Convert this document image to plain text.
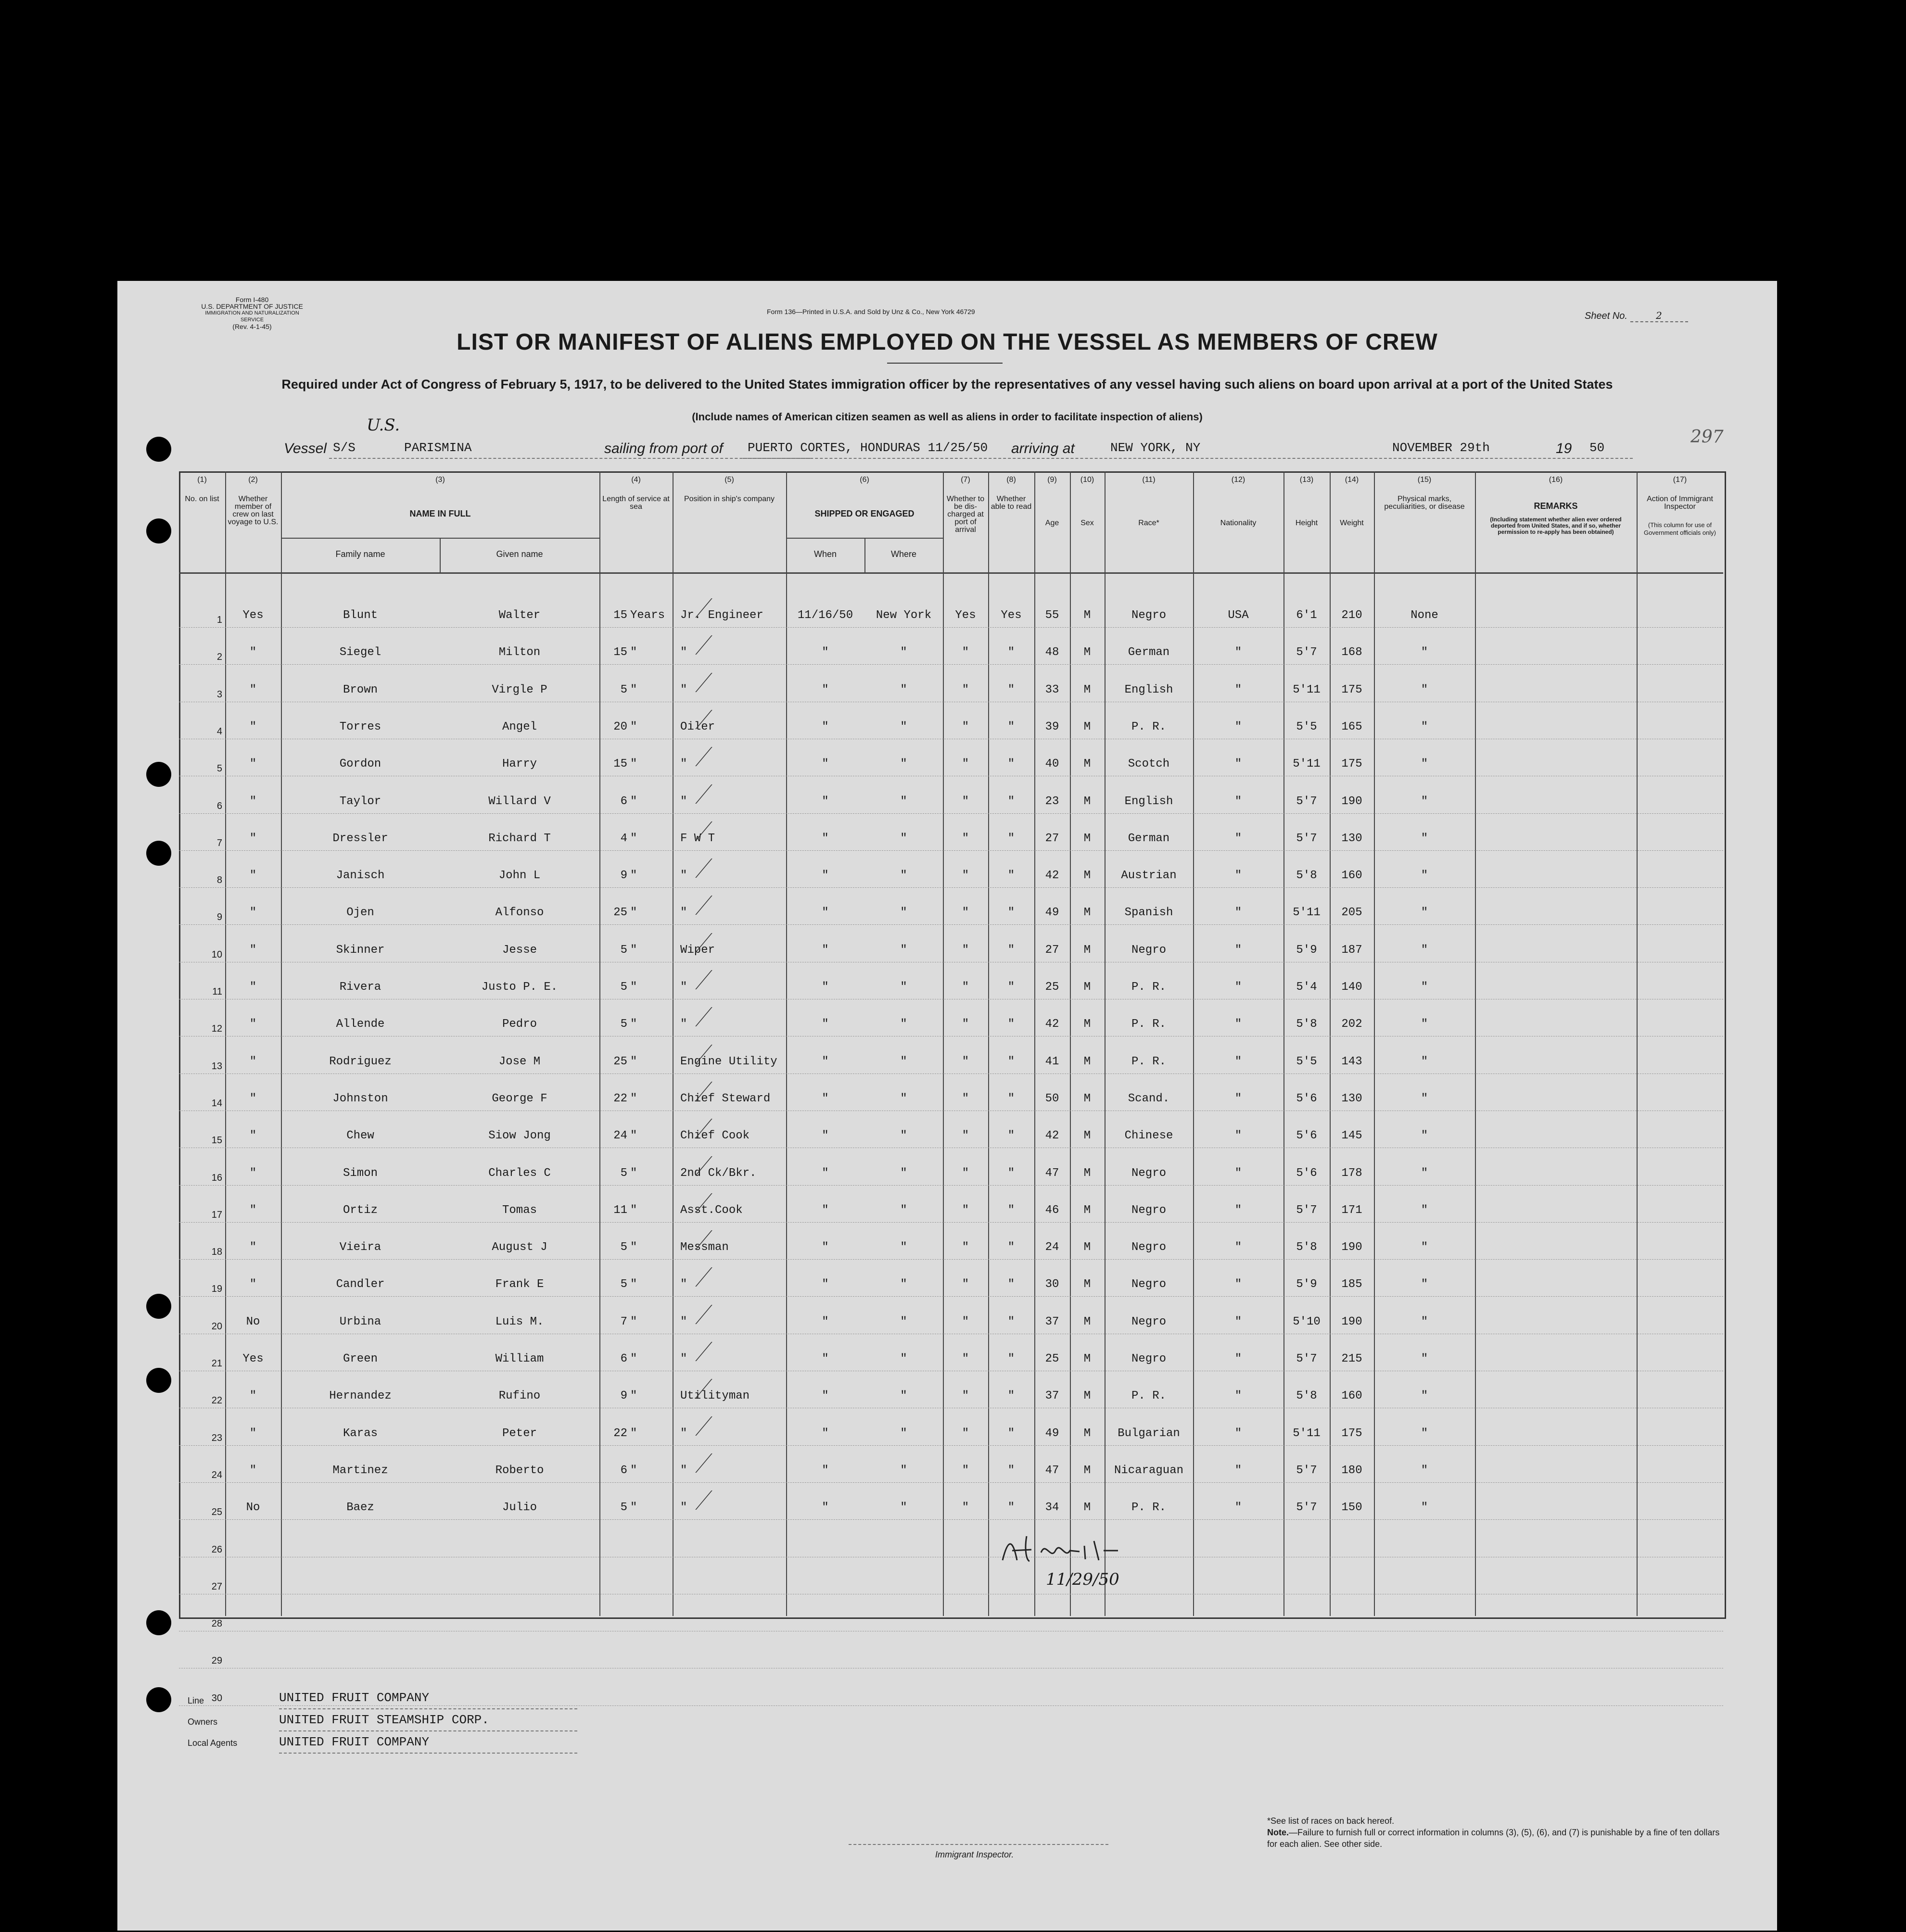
Form I-480
U.S. DEPARTMENT OF JUSTICE
IMMIGRATION AND NATURALIZATION SERVICE
(Rev. 4-1-45)
Form 136—Printed in U.S.A. and Sold by Unz & Co., New York 46729	Sheet No.	2
LIST OR MANIFEST OF ALIENS EMPLOYED ON THE VESSEL AS MEMBERS OF CREW
Required under Act of Congress of February 5, 1917, to be delivered to the United States immigration officer by the representatives of any vessel having such aliens on board upon arrival at a port of the United States
(Include names of American citizen seamen as well as aliens in order to facilitate inspection of aliens)
297
Vessel
U.S.
S/S	PARISMINA	sailing from port of PUERTO CORTES, HONDURAS 11/25/50 arriving at	NEW YORK, NY	NOVEMBER 29th	19 50
(1)
No. on list
(2)
Whether member of crew on last voyage to U.S.
(3)
NAME IN FULL
(4)
Length of service at sea
(5)
Position in ship's company
(6)
SHIPPED OR ENGAGED
(7)
Whether to be dis-charged at port of arrival
(8)
Whether able to read
(9)
Age
(10)
Sex
(11)
Race*
(12)
Nationality
(13)
Height
(14)
Weight
(15)
Physical marks, peculiarities, or disease
(16)
REMARKS
(17)
Action of Immigrant Inspector
Family name	Given name	When	Where
(Including statement whether alien ever ordered deported from United States, and if so, whether permission to re-apply has been obtained)
(This column for use of Government officials only)
1	Yes	Blunt	Walter	15 Years	Jr. Engineer	11/16/50	New York	Yes	Yes	55	M	Negro	USA	6'1	210	None
2	"	Siegel	Milton	15 "	"	"	"	"	"	48	M	German	"	5'7	168	"
3	"	Brown	Virgle P	5 "	"	"	"	"	"	33	M	English	"	5'11	175	"
4	"	Torres	Angel	20 "	Oiler	"	"	"	"	39	M	P. R.	"	5'5	165	"
5	"	Gordon	Harry	15 "	"	"	"	"	"	40	M	Scotch	"	5'11	175	"
6	"	Taylor	Willard V	6 "	"	"	"	"	"	23	M	English	"	5'7	190	"
7	"	Dressler	Richard T	4 "	F W T	"	"	"	"	27	M	German	"	5'7	130	"
8	"	Janisch	John L	9 "	"	"	"	"	"	42	M	Austrian	"	5'8	160	"
9	"	Ojen	Alfonso	25 "	"	"	"	"	"	49	M	Spanish	"	5'11	205	"
10	"	Skinner	Jesse	5 "	Wiper	"	"	"	"	27	M	Negro	"	5'9	187	"
11	"	Rivera	Justo P. E.	5 "	"	"	"	"	"	25	M	P. R.	"	5'4	140	"
12	"	Allende	Pedro	5 "	"	"	"	"	"	42	M	P. R.	"	5'8	202	"
13	"	Rodriguez	Jose M	25 "	Engine Utility	"	"	"	"	41	M	P. R.	"	5'5	143	"
14	"	Johnston	George F	22 "	Chief Steward	"	"	"	"	50	M	Scand.	"	5'6	130	"
15	"	Chew	Siow Jong	24 "	Chief Cook	"	"	"	"	42	M	Chinese	"	5'6	145	"
16	"	Simon	Charles C	5 "	2nd Ck/Bkr.	"	"	"	"	47	M	Negro	"	5'6	178	"
17	"	Ortiz	Tomas	11 "	Asst.Cook	"	"	"	"	46	M	Negro	"	5'7	171	"
18	"	Vieira	August J	5 "	Messman	"	"	"	"	24	M	Negro	"	5'8	190	"
19	"	Candler	Frank E	5 "	"	"	"	"	"	30	M	Negro	"	5'9	185	"
20	No	Urbina	Luis M.	7 "	"	"	"	"	"	37	M	Negro	"	5'10	190	"
21	Yes	Green	William	6 "	"	"	"	"	"	25	M	Negro	"	5'7	215	"
22	"	Hernandez	Rufino	9 "	Utilityman	"	"	"	"	37	M	P. R.	"	5'8	160	"
23	"	Karas	Peter	22 "	"	"	"	"	"	49	M	Bulgarian	"	5'11	175	"
24	"	Martinez	Roberto	6 "	"	"	"	"	"	47	M	Nicaraguan	"	5'7	180	"
25	No	Baez	Julio	5 "	"	"	"	"	"	34	M	P. R.	"	5'7	150	"
26
27
28
29
30
11/29/50
Line
Owners
Local Agents
UNITED FRUIT COMPANY
UNITED FRUIT STEAMSHIP CORP.
UNITED FRUIT COMPANY
Immigrant Inspector.
*See list of races on back hereof.
Note.—Failure to furnish full or correct information in columns (3), (5), (6), and (7) is punishable by a fine of ten dollars for each alien. See other side.
